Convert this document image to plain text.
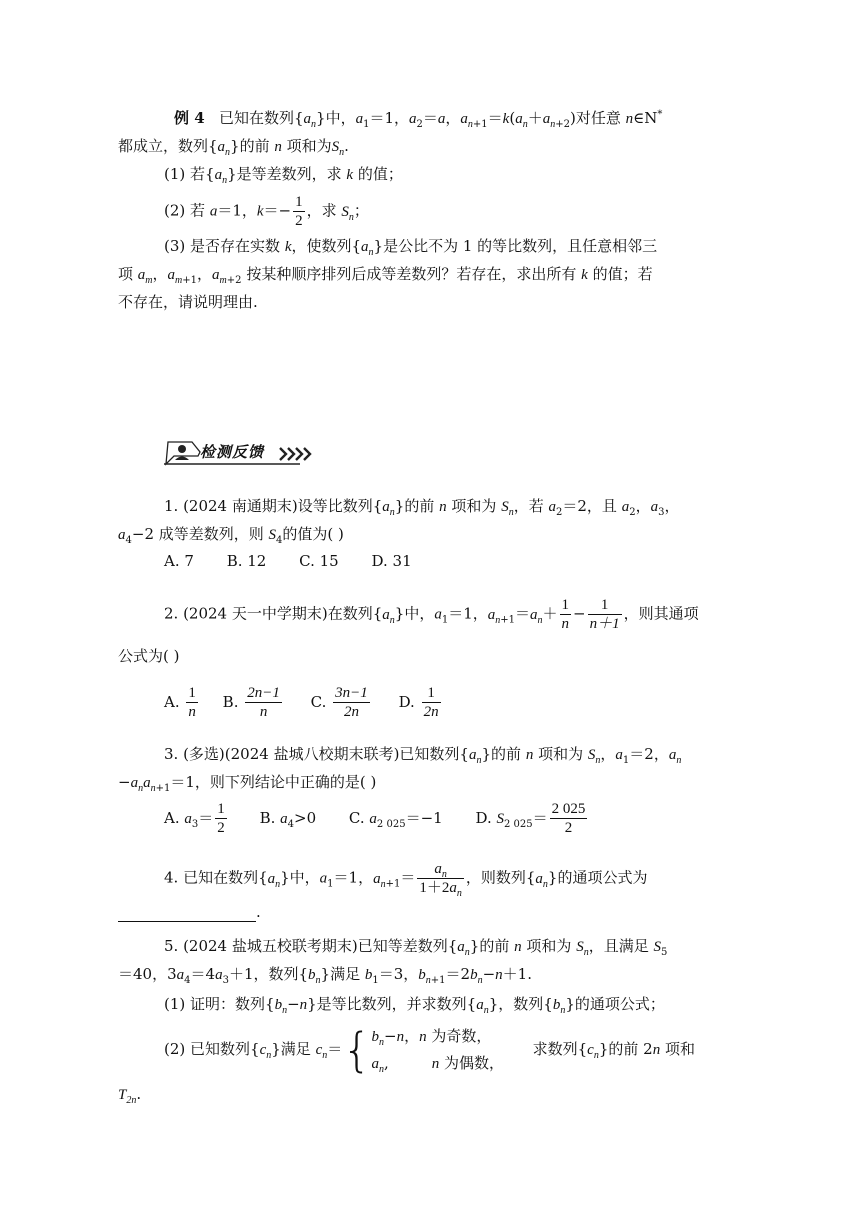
例 4 已知在数列$\{a_n\}$中，$a_1=1$，$a_2=a$，$a_{n+1}=k(a_n+a_{n+2})$对任意 n∈N*
都成立，数列$\{a_n\}$的前 n 项和为$S_n$.
(1) 若$\{a_n\}$是等差数列，求 k 的值；
(2) 若 a＝1，$k=- \frac{1}{2}$ ，求 $S_n$；
(3) 是否存在实数 k，使数列$\{a_n\}$是公比不为 1 的等比数列，且任意相邻三
项 $a_m$，$a_{m+1}$，$a_{m+2}$ 按某种顺序排列后成等差数列？若存在，求出所有 k 的值；若
不存在，请说明理由.
检测反馈
1. (2024 南通期末)设等比数列$\{a_n\}$的前 n 项和为 $S_n$，若 $a_2=2$，且 $a_2$，$a_3$，
$a_4-2$ 成等差数列，则 $S_4$的值为( )
A. 7 B. 12 C. 15 D. 31
2. (2024 天一中学期末)在数列$\{a_n\}$中，$a_1=1$，$a_{n+1}=a_n+ \frac{1}{n} - \frac{1}{n+1}$ ，则其通项
公式为( )
A. $\frac{1}{n} B$. $\frac{2n-1}{n} C$. $\frac{3n-1}{2n} D$. $\frac{1}{2n}$
3. (多选)(2024 盐城八校期末联考)已知数列$\{a_n\}$的前 n 项和为 $S_n$，$a_1=2$，$a_n$
$-a_na_{n+1}=1$，则下列结论中正确的是( )
A. $a_3= \frac{1}{2} B$. $a_4>0$ C. $a_{2 025}=-1$ D. $S_{2 025}= \frac{2 025}{2}$
4. 已知在数列$\{a_n\}$中，$a_1=1$，$a_{n+1}= \frac{a_n}{1+2a_n}$ ，则数列$\{a_n\}$的通项公式为
.
5. (2024 盐城五校联考期末)已知等差数列$\{a_n\}$的前 n 项和为 $S_n$，且满足 $S_5$
＝40，$3a_4=4a_3+1$，数列$\{b_n\}$满足 $b_1=3$，$b_{n+1}=2b_n-n+1$.
(1) 证明：数列$\{b_n-n\}$是等比数列，并求数列$\{a_n\}$，数列$\{b_n\}$的通项公式；
(2) 已知数列$\{c_n\}$满足 $c_n=${ $b_n-n$，n 为奇数，
$a_n$,         n 为偶数，
求数列$\{c_n\}$的前 2n 项和
$T_{2n}$.
